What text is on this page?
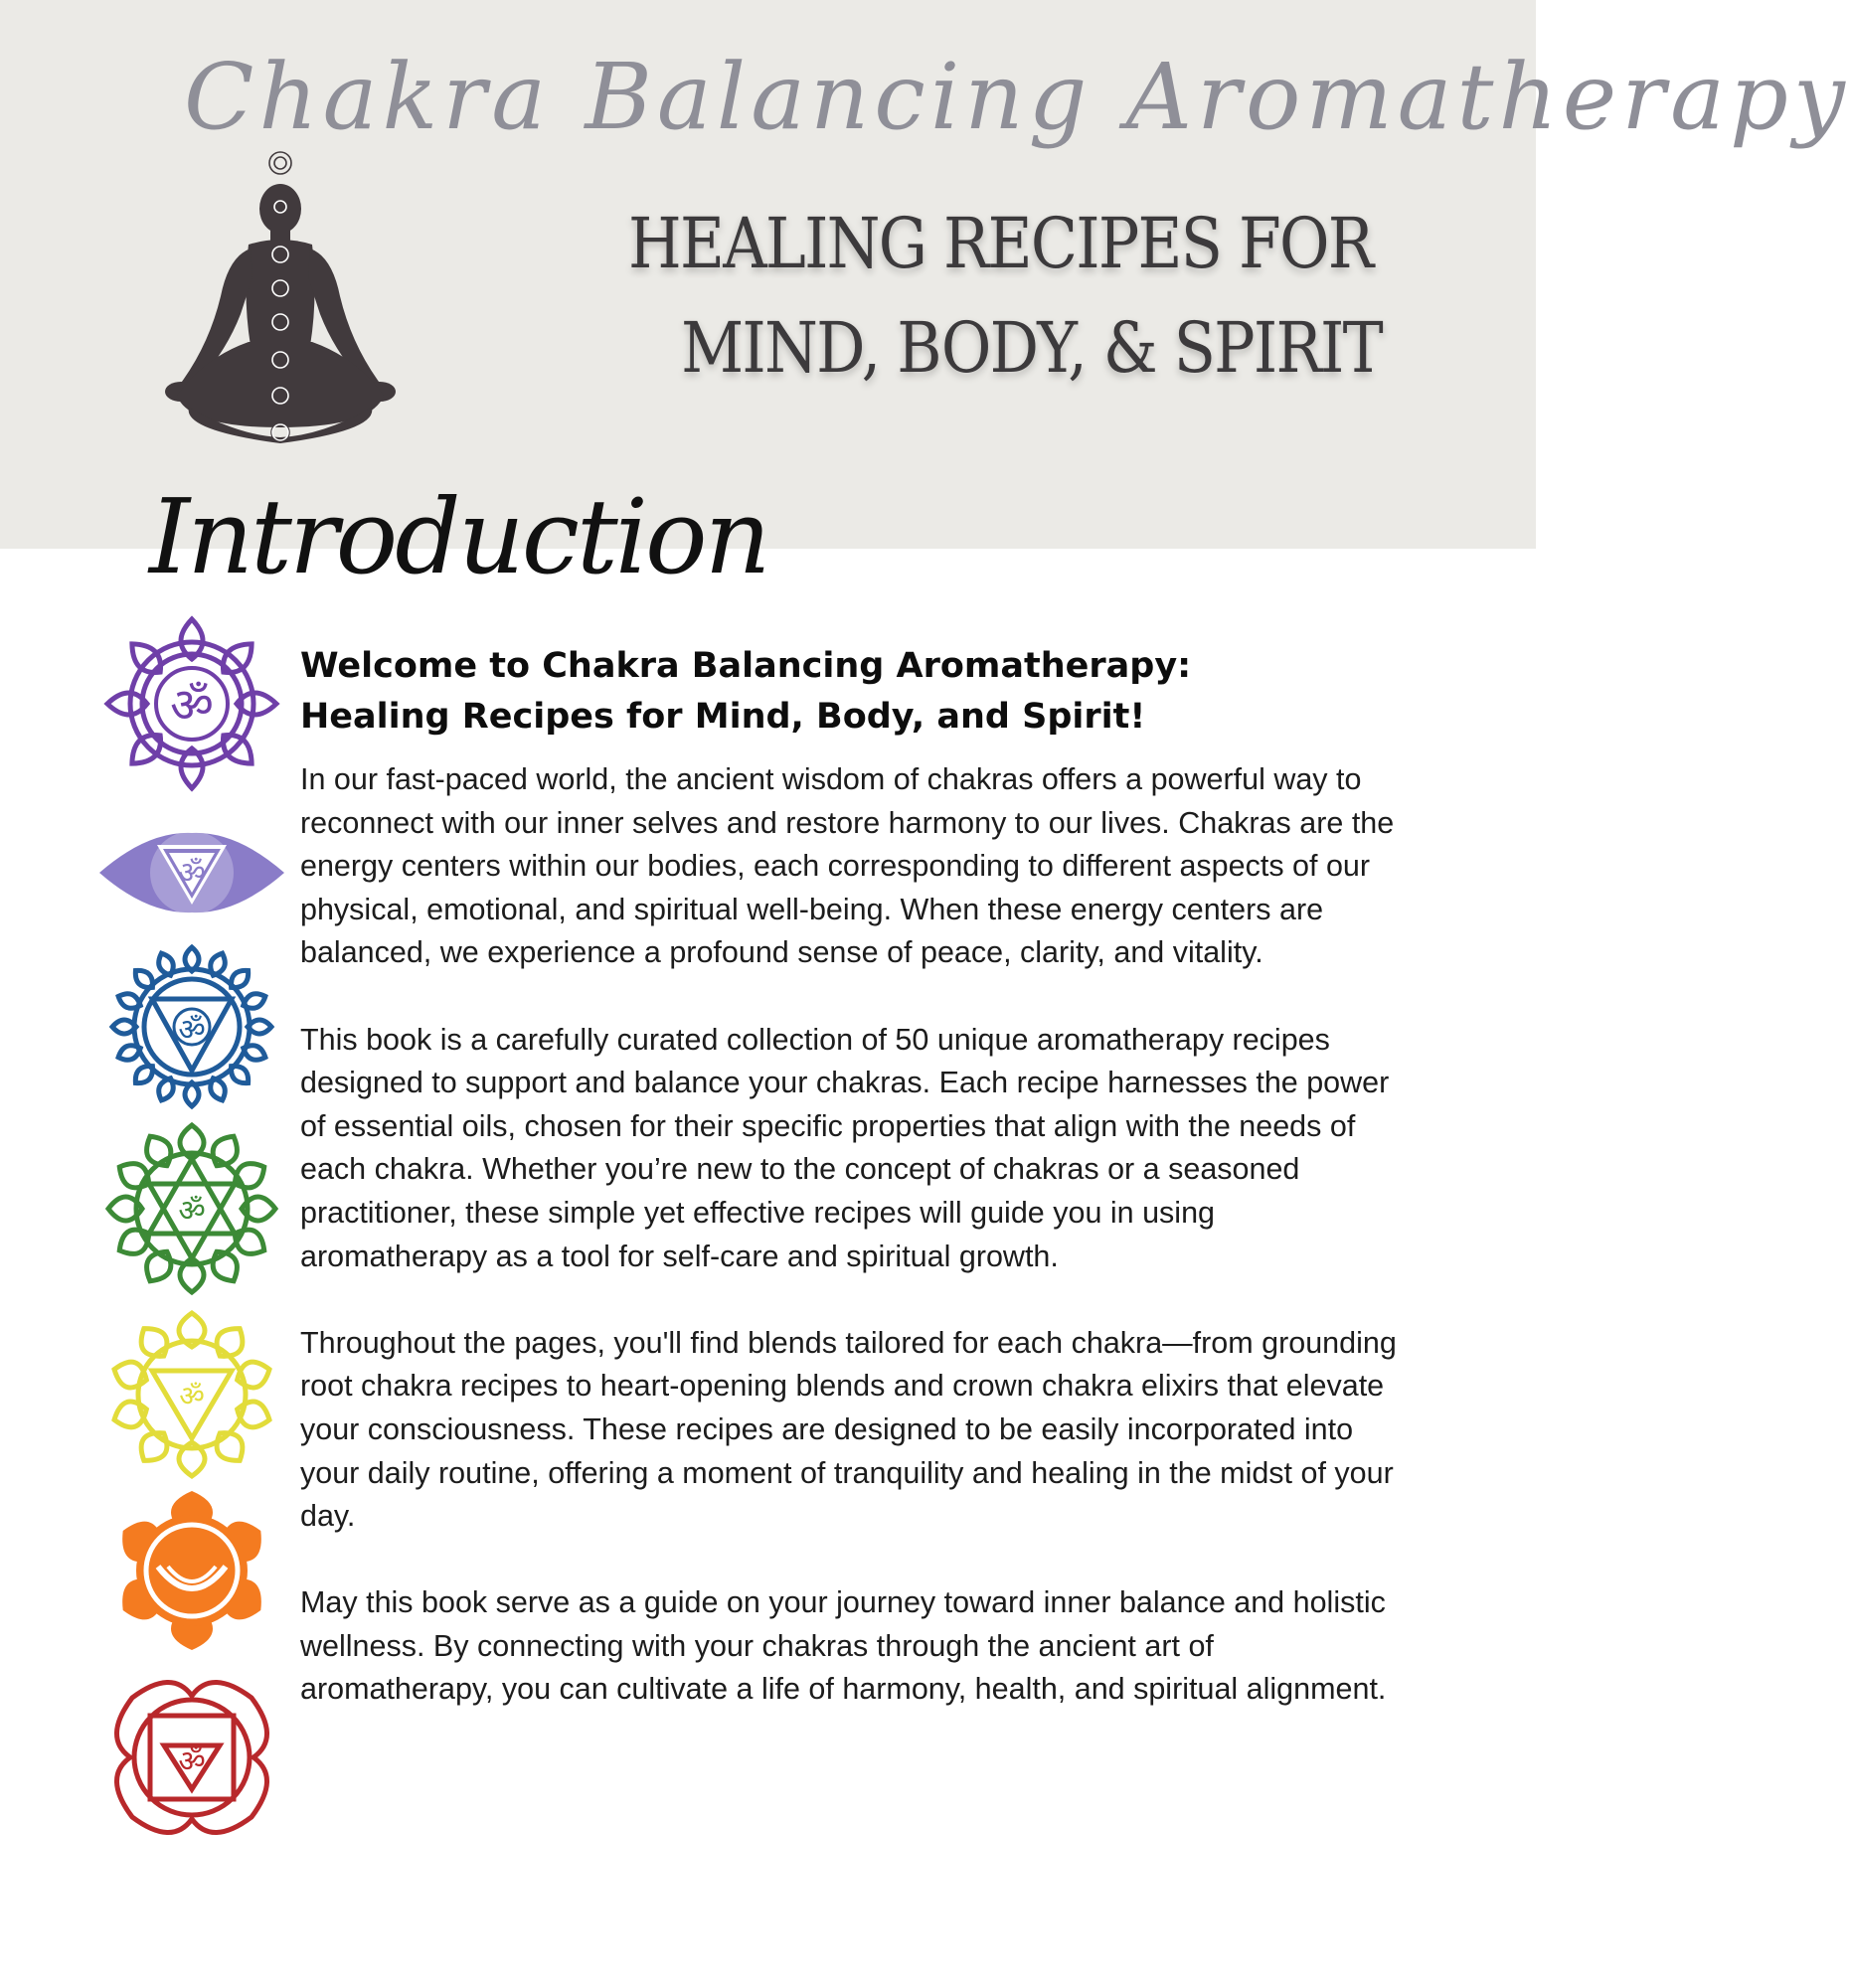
Chakra Balancing Aromatherapy
HEALING RECIPES FOR
MIND, BODY, & SPIRIT
Introduction
ॐ
ॐ
ॐ
ॐ
ॐ
ॐ
Welcome to Chakra Balancing Aromatherapy:
Healing Recipes for Mind, Body, and Spirit!

In our fast-paced world, the ancient wisdom of chakras offers a powerful way to reconnect with our inner selves and restore harmony to our lives. Chakras are the energy centers within our bodies, each corresponding to different aspects of our physical, emotional, and spiritual well-being. When these energy centers are balanced, we experience a profound sense of peace, clarity, and vitality.

This book is a carefully curated collection of 50 unique aromatherapy recipes designed to support and balance your chakras. Each recipe harnesses the power of essential oils, chosen for their specific properties that align with the needs of each chakra. Whether you’re new to the concept of chakras or a seasoned practitioner, these simple yet effective recipes will guide you in using aromatherapy as a tool for self-care and spiritual growth.

Throughout the pages, you'll find blends tailored for each chakra—from grounding root chakra recipes to heart-opening blends and crown chakra elixirs that elevate your consciousness. These recipes are designed to be easily incorporated into your daily routine, offering a moment of tranquility and healing in the midst of your day.

May this book serve as a guide on your journey toward inner balance and holistic wellness. By connecting with your chakras through the ancient art of aromatherapy, you can cultivate a life of harmony, health, and spiritual alignment.
